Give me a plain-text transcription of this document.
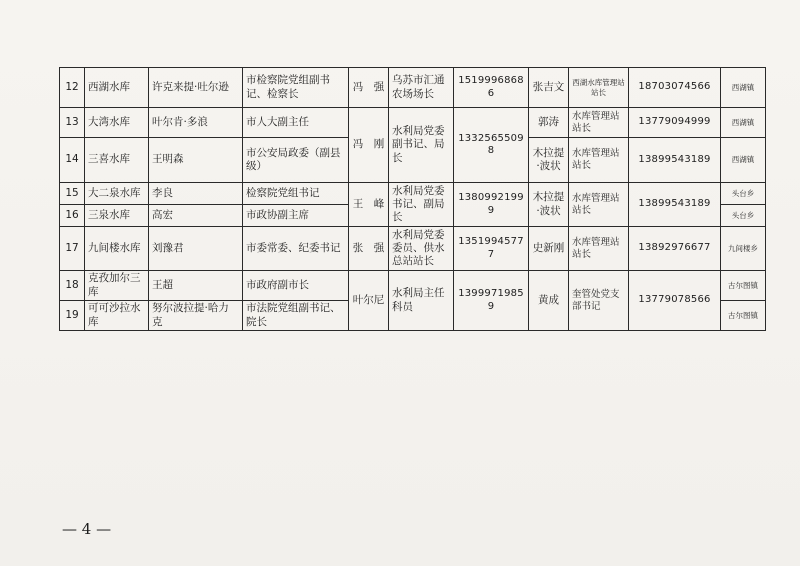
12	西湖水库	许克来提·吐尔逊	市检察院党组副书记、检察长	冯　强	乌苏市汇通农场场长	15199968686	张吉文	西湖水库管理站站长	18703074566	西湖镇
13	大湾水库	叶尔肯·多浪	市人大副主任	冯　刚	水利局党委副书记、局长	13325655098	郭涛	水库管理站站长	13779094999	西湖镇
14	三喜水库	王明森	市公安局政委（副县级）				木拉提·波状	水库管理站站长	13899543189	西湖镇
15	大二泉水库	李良	检察院党组书记	王　峰	水利局党委书记、副局长	13809921999	木拉提·波状	水库管理站站长	13899543189	头台乡
16	三泉水库	高宏	市政协副主席							头台乡
17	九间楼水库	刘豫君	市委常委、纪委书记	张　强	水利局党委委员、供水总站站长	13519945777	史新刚	水库管理站站长	13892976677	九间楼乡
18	克孜加尔三库	王超	市政府副市长	叶尔尼	水利局主任科员	13999719859	黄成	奎管处党支部书记	13779078566	古尔图镇
19	可可沙拉水库	努尔波拉提·哈力克	市法院党组副书记、院长							古尔图镇
— 4 —
